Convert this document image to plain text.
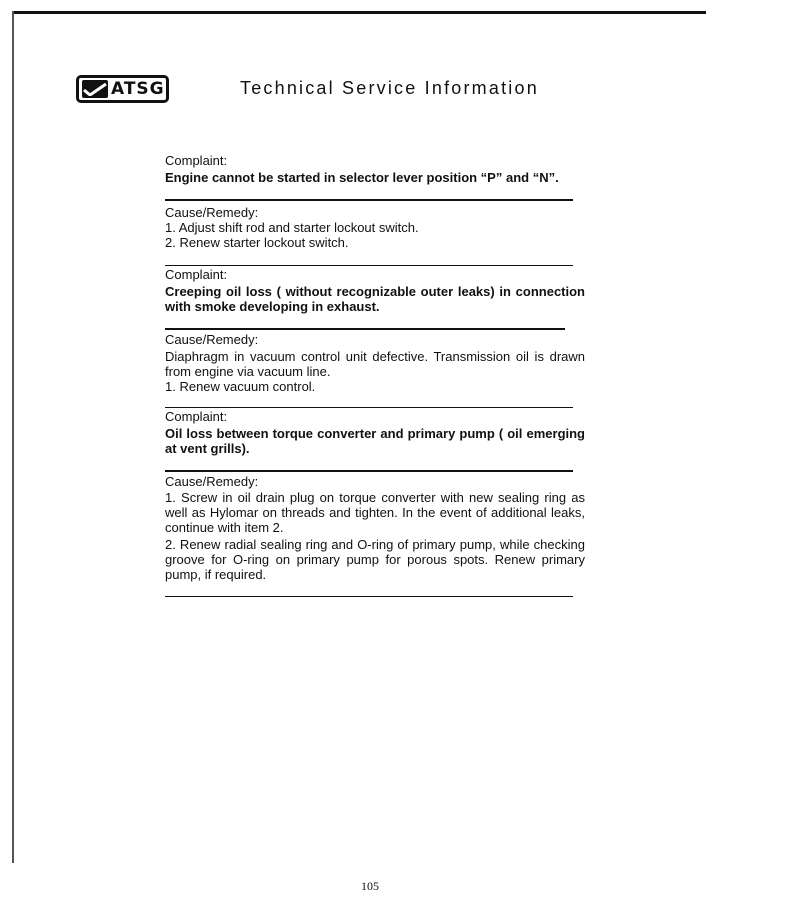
ATSG	Technical Service Information
Complaint:
Engine cannot be started in selector lever position “P” and “N”.
Cause/Remedy:
1. Adjust shift rod and starter lockout switch.
2. Renew starter lockout switch.
Complaint:
Creeping oil loss ( without recognizable outer leaks) in connection with smoke developing in exhaust.
Cause/Remedy:
Diaphragm in vacuum control unit defective. Transmission oil is drawn from engine via vacuum line.
1. Renew vacuum control.
Complaint:
Oil loss between torque converter and primary pump ( oil emerging at vent grills).
Cause/Remedy:
1. Screw in oil drain plug on torque converter with new sealing ring as well as Hylomar on threads and tighten. In the event of additional leaks, continue with item 2.
2. Renew radial sealing ring and O-ring of primary pump, while checking groove for O-ring on primary pump for porous spots. Renew primary pump, if required.
105
